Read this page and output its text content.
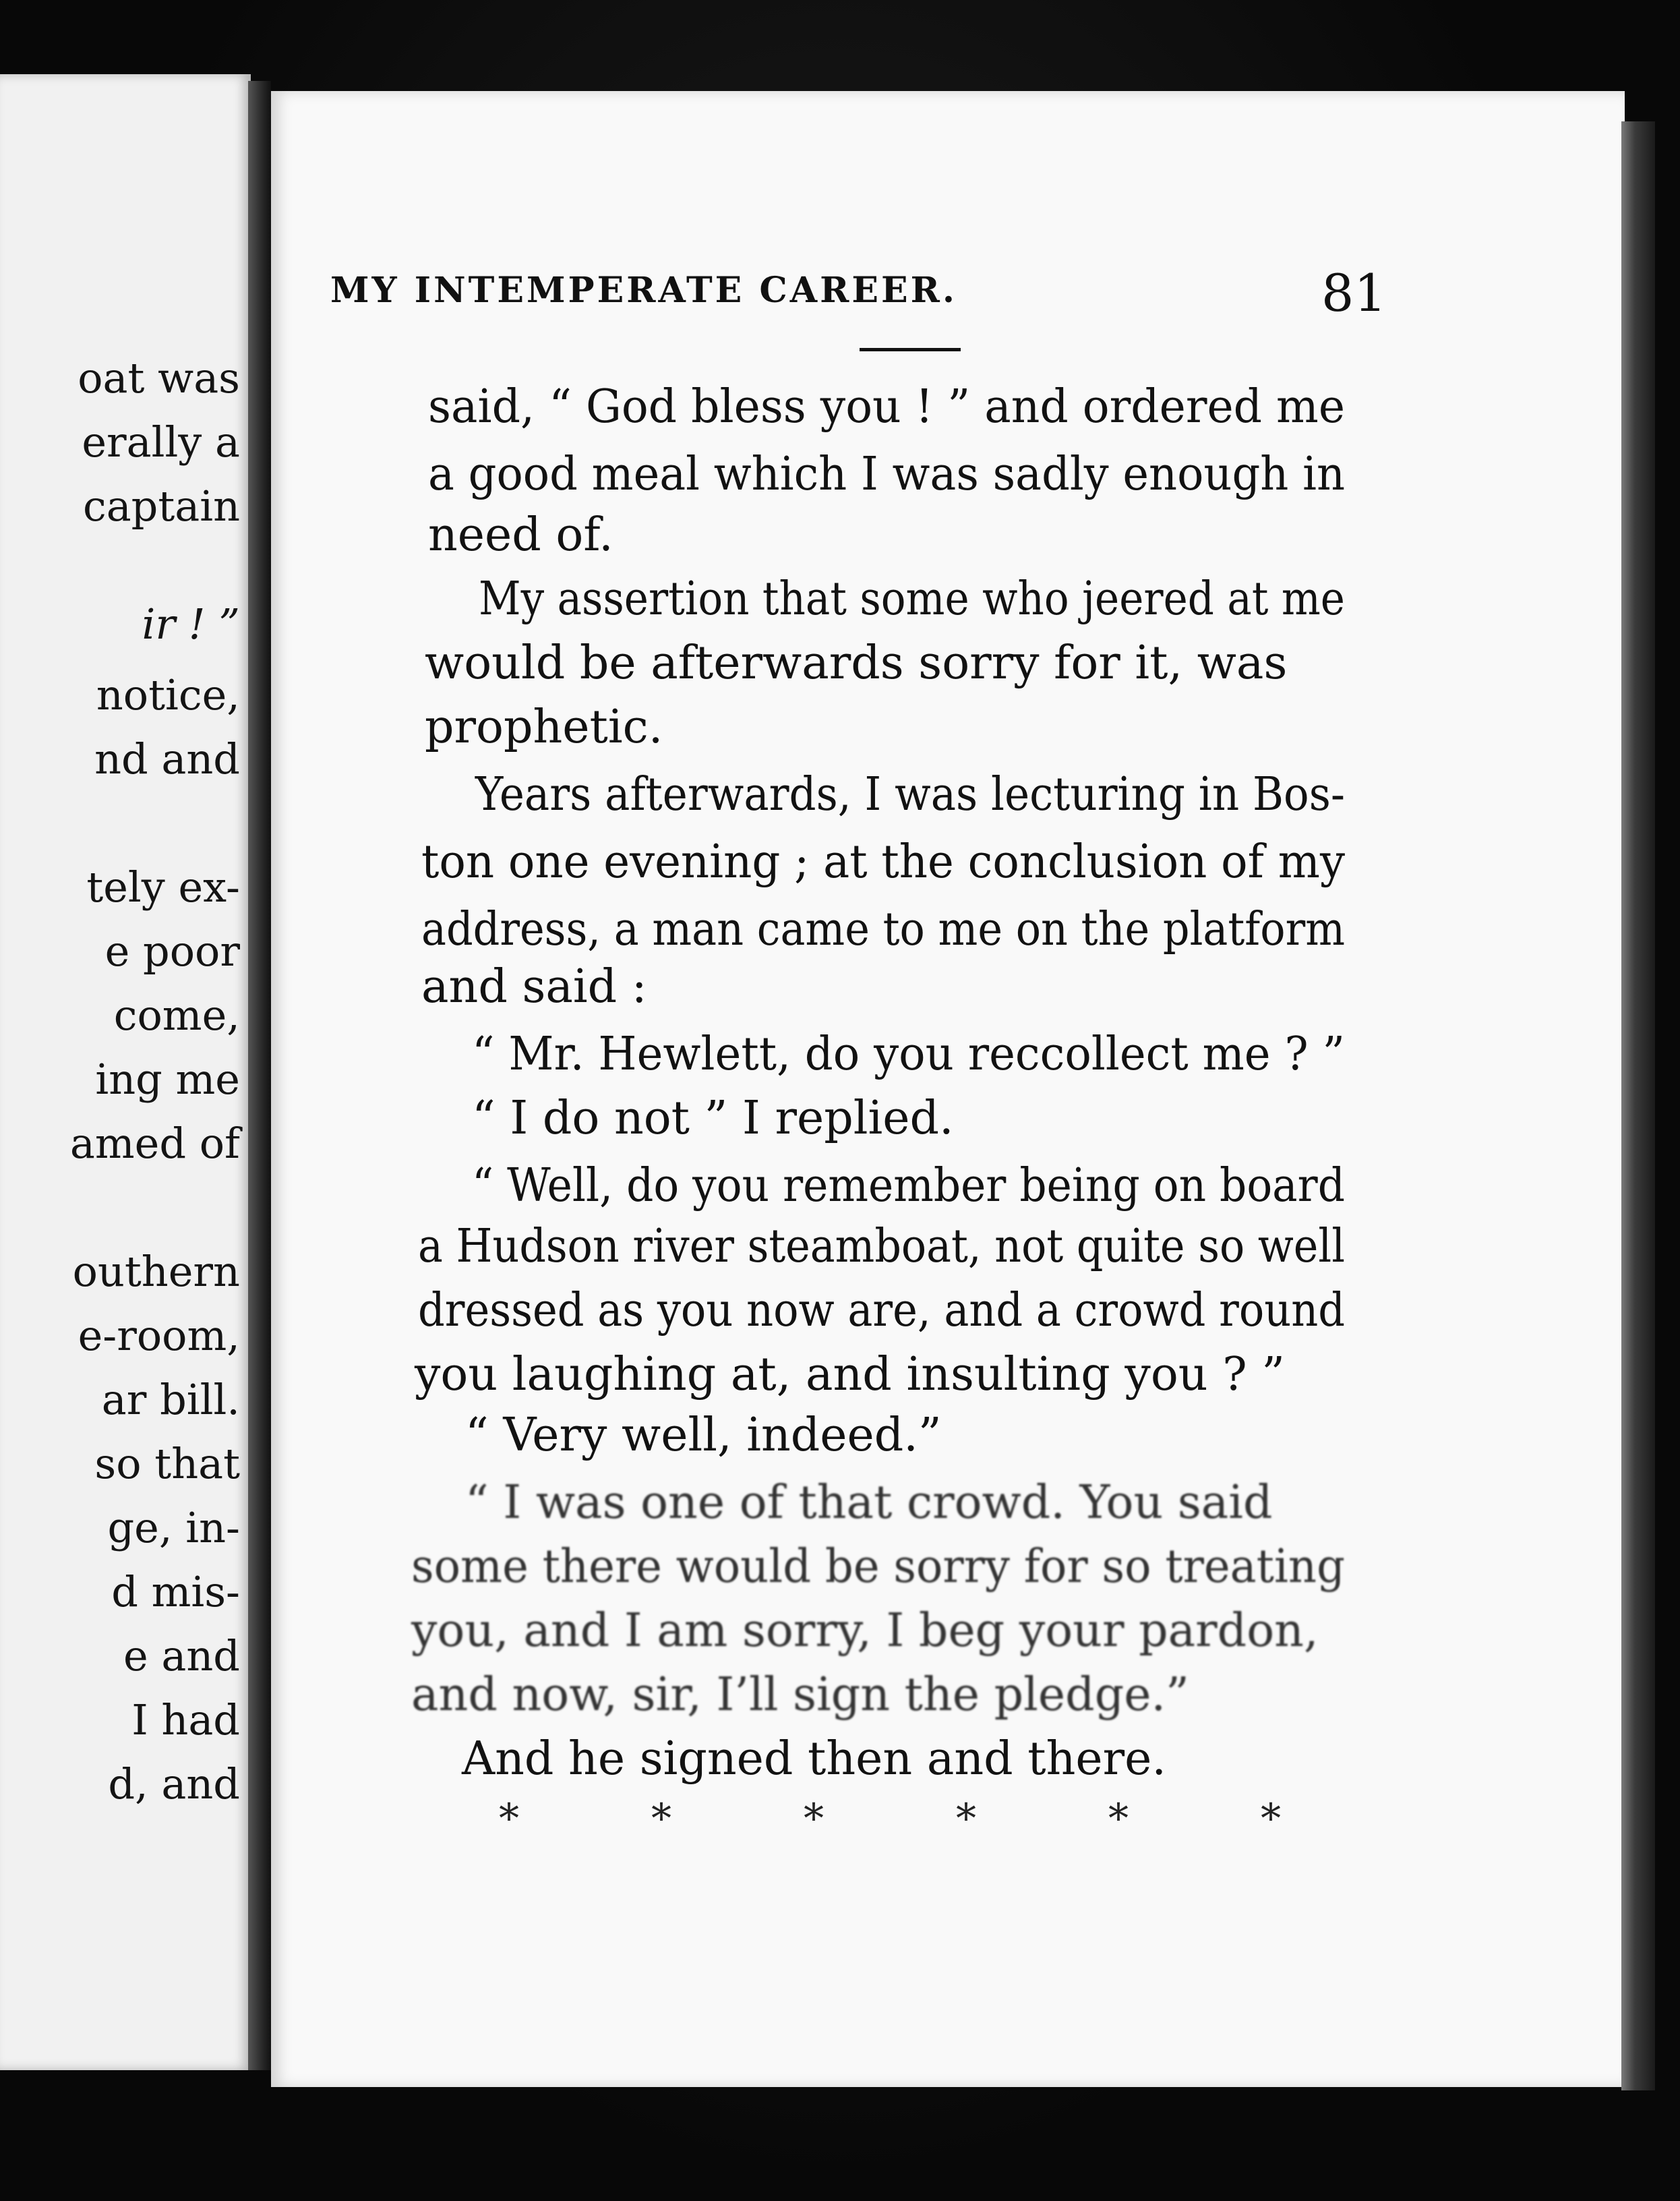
oat was
erally a
captain
ir ! ”
notice,
nd and
tely ex-
e poor
come,
ing me
amed of
outhern
e-room,
ar bill.
so that
ge, in-
d mis-
e and
I had
d, and
MY INTEMPERATE CAREER.	81
said, “ God bless you ! ” and ordered me
a good meal which I was sadly enough in
need of.
My assertion that some who jeered at me
would be afterwards sorry for it, was
prophetic.
Years afterwards, I was lecturing in Bos-
ton one evening ; at the conclusion of my
address, a man came to me on the platform
and said :
“ Mr. Hewlett, do you reccollect me ? ”
“ I do not ” I replied.
“ Well, do you remember being on board
a Hudson river steamboat, not quite so well
dressed as you now are, and a crowd round
you laughing at, and insulting you ? ”
“ Very well, indeed.”
“ I was one of that crowd. You said
some there would be sorry for so treating
you, and I am sorry, I beg your pardon,
and now, sir, I’ll sign the pledge.”
And he signed then and there.
*	*	*	*	*	*
